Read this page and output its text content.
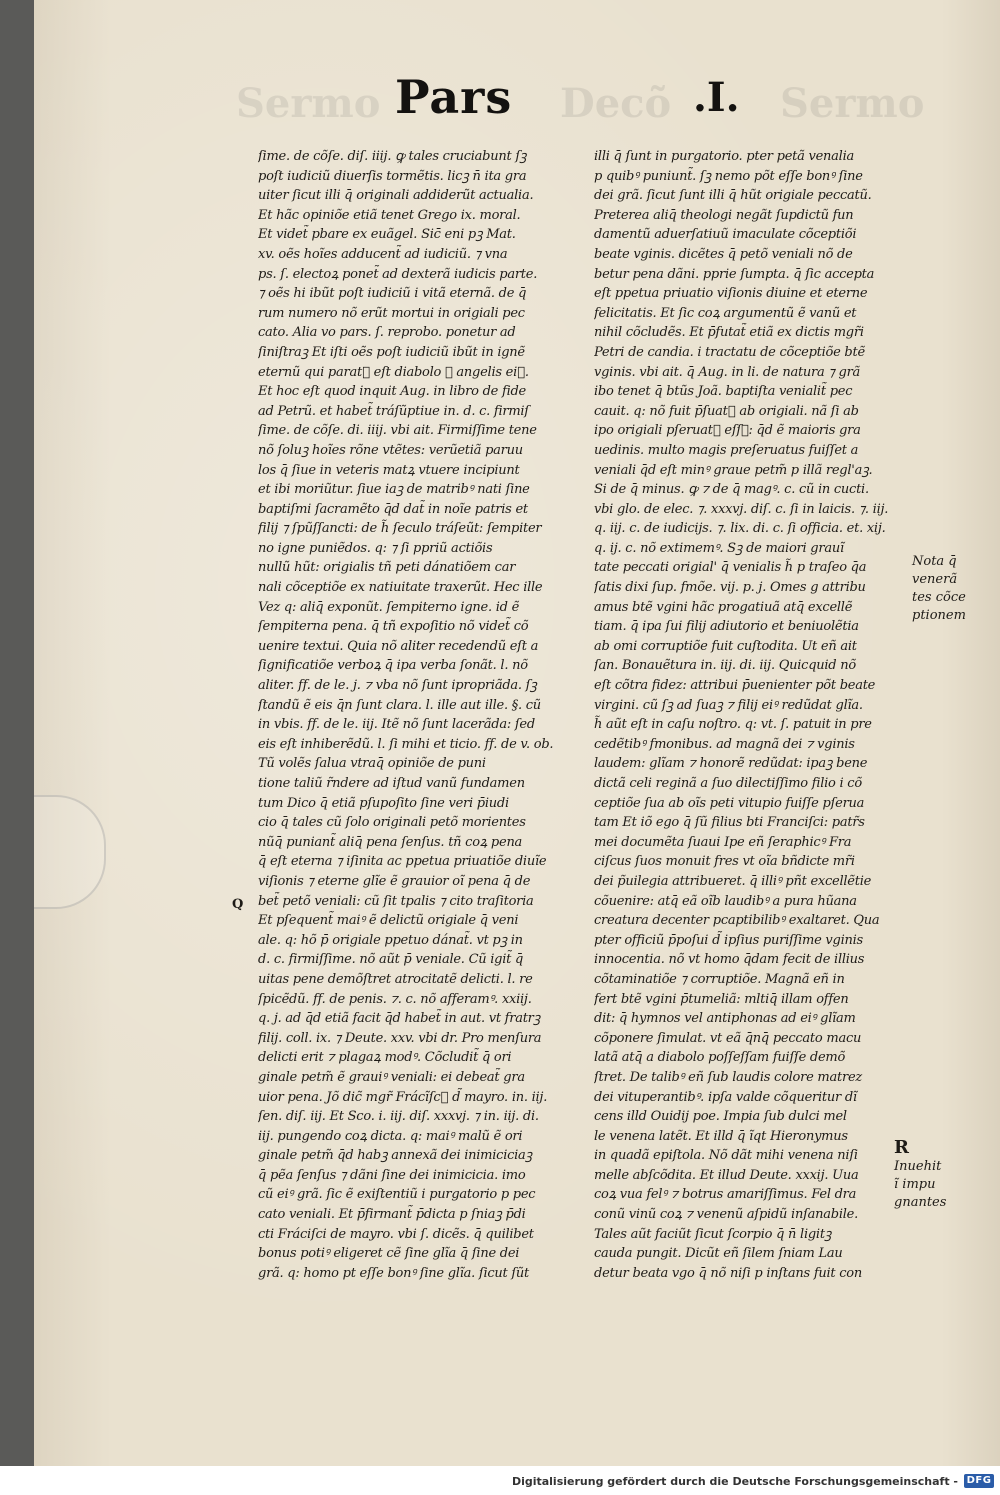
Sermo	Decõ	Sermo
Pars	.I.
ſime. de cõſe. diſ. iiij. ꝙ tales cruciabunt ſꝫ
poſt iudiciũ diuerſis tormẽtis. licꝫ n̄ ita gra
uiter ſicut illi q̄ originali addiderũt actualia.
Et hãc opiniõe etiã tenet Grego ix. moral.
Et videt̃ pbare ex euãgel. Sic̄ eni pꝫ Mat.
xv. oẽs hoĩes adducent̃ ad iudiciũ. ⁊ vna
ps. ſ. electoꝝ ponet̃ ad dexterã iudicis parte.
⁊ oẽs hi ibũt poſt iudiciũ i vitã eternã. de q̄
rum numero nõ erũt mortui in origiali pec
cato. Alia vo pars. ſ. reprobo. ponetur ad
ſiniſtraꝫ Et iſti oẽs poſt iudiciũ ibũt in ignẽ
eternũ qui parat᷒ eſt diabolo ⁊ angelis ei᷒.
Et hoc eſt quod inquit Aug. in libro de fide
ad Petrũ. et habet̃ tráſũptiue in. d. c. firmiſ
ſime. de cõſe. di. iiij. vbi ait. Firmiſſime tene
nõ ſoluꝫ hoĩes rõne vtẽtes: verũetiã paruu
los q̄ ſiue in veteris matꝝ vtuere incipiunt
et ibi moriũtur. ſiue iaꝫ de matribꝰ nati ſine
baptiſmi ſacramẽto q̄d dat̃ in noĩe patris et
filij ⁊ ſpũſſancti: de h̃ ſeculo tráſeũt: ſempiter
no igne puniẽdos. q: ⁊ ſi ppriũ actiõis
nullũ hũt: origialis tñ peti dánatiõem car
nali cõceptiõe ex natiuitate traxerũt. Hec ille
Vez q: aliq̄ exponũt. ſempiterno igne. id ẽ
ſempiterna pena. q̄ tñ expoſitio nõ videt̃ cõ
uenire textui. Quia nõ aliter recedendũ eſt a
ſignificatiõe verboꝝ q̄ ipa verba ſonãt. l. nõ
aliter. ff. de le. j. ⁊ vba nõ ſunt ipropriãda. ſꝫ
ſtandũ ẽ eis q̄n ſunt clara. l. ille aut ille. §. cũ
in vbis. ff. de le. iij. Itẽ nõ ſunt lacerãda: ſed
eis eſt inhiberẽdũ. l. ſi mihi et ticio. ff. de v. ob.
Tũ volẽs ſalua vtraq̄ opiniõe de puni
tione taliũ r̃ndere ad iſtud vanũ fundamen
tum Dico q̄ etiã pſupoſito ſine veri p̄iudi
cio q̄ tales cũ ſolo originali petõ morientes
nũq̄ puniant̃ aliq̄ pena ſenſus. tñ coꝝ pena
q̄ eſt eterna ⁊ iſinita ac ppetua priuatiõe diuĩe
viſionis ⁊ eterne glĩe ẽ grauior oĩ pena q̄ de
bet̃ petõ veniali: cũ ſit tpalis ⁊ cito traſitoria
Et pſequent̃ maiꝰ ẽ delictũ origiale q̄ veni
ale. q: hõ p̄ origiale ppetuo dánat̃. vt pꝫ in
d. c. firmiſſime. nõ aũt p̄ veniale. Cũ igit̃ q̄
uitas pene demõſtret atrocitatẽ delicti. l. re
ſpicẽdũ. ff. de penis. ⁊. c. nõ afferamꝰ. xxiij.
q. j. ad q̄d etiã facit q̄d habet̃ in aut. vt fratrꝫ
filij. coll. ix. ⁊ Deute. xxv. vbi dr. Pro menſura
delicti erit ⁊ plagaꝝ modꝰ. Cõcludit̃ q̄ ori
ginale petm̃ ẽ grauiꝰ veniali: ei debeat̃ gra
uior pena. Jõ dic̃ mgr̃ Frácĩſc᷒ d̃ mayro. in. iij.
ſen. diſ. iij. Et Sco. i. iij. diſ. xxxvj. ⁊ in. iij. di.
iij. pungendo coꝝ dicta. q: maiꝰ malũ ẽ ori
ginale petm̃ q̄d habꝫ annexã dei inimiciciaꝫ
q̄ pẽa ſenſus ⁊ dãni ſine dei inimicicia. imo
cũ eiꝰ grã. ſic ẽ exiſtentiũ i purgatorio p pec
cato veniali. Et p̄firmant̃ p̄dicta p ſniaꝫ p̄di
cti Fráciſci de mayro. vbi ſ. dicẽs. q̄ quilibet
bonus potiꝰ eligeret cẽ ſine glĩa q̄ ſine dei
grã. q: homo pt eſſe bonꝰ ſine glĩa. ſicut ſũt
illi q̄ ſunt in purgatorio. pter petã venalia
p quibꝰ puniunt̃. ſꝫ nemo põt eſſe bonꝰ ſine
dei grã. ſicut ſunt illi q̄ hũt origiale peccatũ.
Preterea aliq̄ theologi negãt ſupdictũ fun
damentũ aduerſatiuũ imaculate cõceptiõi
beate vginis. dicẽtes q̄ petõ veniali nõ de
betur pena dãni. pprie ſumpta. q̄ ſic accepta
eſt ppetua priuatio viſionis diuine et eterne
felicitatis. Et ſic coꝝ argumentũ ẽ vanũ et
nihil cõcludẽs. Et p̄futat̃ etiã ex dictis mgr̃i
Petri de candia. i tractatu de cõceptiõe btẽ
vginis. vbi ait. q̄ Aug. in li. de natura ⁊ grã
ibo tenet q̄ btũs Joã. baptiſta venialit̃ pec
cauit. q: nõ fuit p̄ſuat᷒ ab origiali. nã ſi ab
ipo origiali pſeruat᷒ eſſꝫ: q̄d ẽ maioris gra
uedinis. multo magis preſeruatus fuiſſet a
veniali q̄d eſt minꝰ graue petm̃ p illã regl'aꝫ.
Si de q̄ minus. ꝙ ⁊ de q̄ magꝰ. c. cũ in cucti.
vbi glo. de elec. ⁊. xxxvj. diſ. c. ſi in laicis. ⁊. iij.
q. iij. c. de iudicijs. ⁊. lix. di. c. ſi officia. et. xij.
q. ij. c. nõ extimemꝰ. Sꝫ de maiori grauĩ
tate peccati origial' q̄ venialis h̃ p traſeo q̄a
ſatis dixi ſup. fmõe. vij. p. j. Omes g attribu
amus btẽ vgini hãc progatiuã atq̄ excellẽ
tiam. q̄ ipa ſui filij adiutorio et beniuolẽtia
ab omi corruptiõe fuit cuſtodita. Ut eñ ait
ſan. Bonauẽtura in. iij. di. iij. Quicquid nõ
eſt cõtra fidez: attribui p̄uenienter põt beate
virgini. cũ ſꝫ ad ſuaꝫ ⁊ filij eiꝰ redũdat glĩa.
h̃ aũt eſt in caſu noſtro. q: vt. ſ. patuit in pre
cedẽtibꝰ fmonibus. ad magnã dei ⁊ vginis
laudem: glĩam ⁊ honorẽ redũdat: ipaꝫ bene
dictã celi reginã a ſuo dilectiſſimo filio i cõ
ceptiõe ſua ab oĩs peti vitupio fuiſſe pſerua
tam Et iõ ego q̄ ſũ filius bti Franciſci: patr̃s
mei documẽta ſuaui Ipe eñ ſeraphicꝰ Fra
ciſcus ſuos monuit fres vt oĩa bñdicte mr̃i
dei p̃uilegia attribueret. q̄ illiꝰ pñt excellẽtie
cõuenire: atq̄ eã oĩb laudibꝰ a pura hũana
creatura decenter pcaptibilibꝰ exaltaret. Qua
pter officiũ p̄poſui d̃ ipſius puriſſime vginis
innocentia. nõ vt homo q̄dam fecit de illius
cõtaminatiõe ⁊ corruptiõe. Magnã eñ in
fert btẽ vgini p̄tumeliã: mltiq̄ illam offen
dit: q̄ hymnos vel antiphonas ad eiꝰ glĩam
cõponere ſimulat. vt eã q̄nq̄ peccato macu
latã atq̄ a diabolo poſſeſſam fuiſſe demõ
ſtret. De talibꝰ eñ ſub laudis colore matrez
dei vituperantibꝰ. ipſa valde cõqueritur dĩ
cens illd Ouidij poe. Impia ſub dulci mel
le venena latẽt. Et illd q̄ ĩqt Hieronymus
in quadã epiſtola. Nõ dãt mihi venena niſi
melle abſcõdita. Et illud Deute. xxxij. Uua
coꝝ vua felꝰ ⁊ botrus amariſſimus. Fel dra
conũ vinũ coꝝ ⁊ venenũ aſpidũ inſanabile.
Tales aũt faciũt ſicut ſcorpio q̄ n̄ ligitꝫ
cauda pungit. Dicũt eñ ſilem ſniam Lau
detur beata vgo q̄ nõ niſi p inſtans fuit con
Q
Nota q̄
venerã
tes cõce
ptionem
R
Inuehit
ĩ impu
gnantes
Digitalisierung gefördert durch die Deutsche Forschungsgemeinschaft - DFG
